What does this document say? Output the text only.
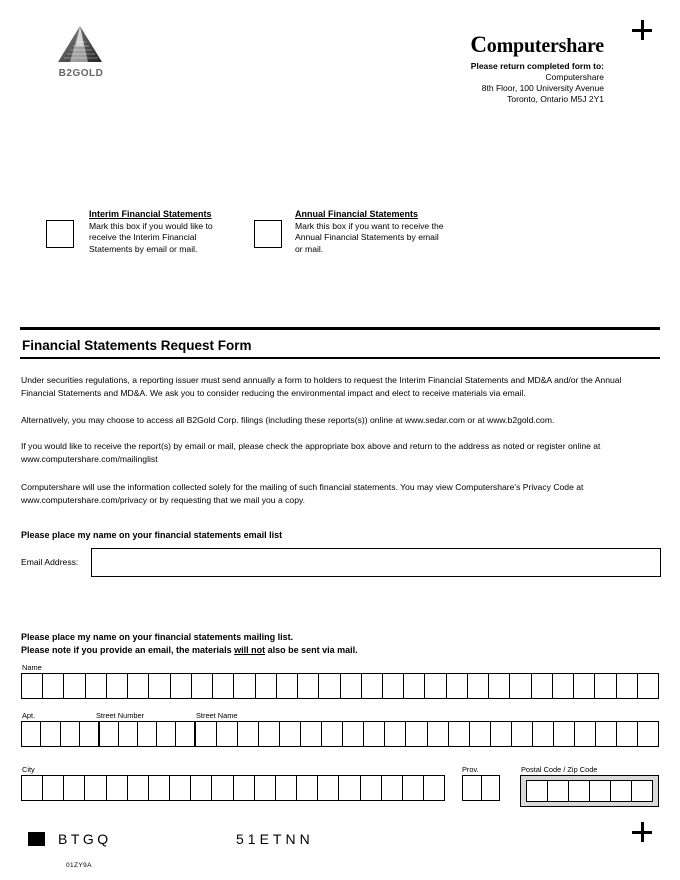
B2GOLD
Computershare
Please return completed form to:
Computershare
8th Floor, 100 University Avenue
Toronto, Ontario M5J 2Y1
Interim Financial Statements
Mark this box if you would like to receive the Interim Financial Statements by email or mail.
Annual Financial Statements
Mark this box if you want to receive the Annual Financial Statements by email or mail.
Financial Statements Request Form
Under securities regulations, a reporting issuer must send annually a form to holders to request the Interim Financial Statements and MD&A and/or the Annual Financial Statements and MD&A. We ask you to consider reducing the environmental impact and elect to receive materials via email.
Alternatively, you may choose to access all B2Gold Corp. filings (including these reports(s)) online at www.sedar.com or at www.b2gold.com.
If you would like to receive the report(s) by email or mail, please check the appropriate box above and return to the address as noted or register online at www.computershare.com/mailinglist
Computershare will use the information collected solely for the mailing of such financial statements. You may view Computershare's Privacy Code at www.computershare.com/privacy or by requesting that we mail you a copy.
Please place my name on your financial statements email list
Email Address:
Please place my name on your financial statements mailing list.
Please note if you provide an email, the materials will not also be sent via mail.
Name
Apt.	Street Number	Street Name
City	Prov.	Postal Code / Zip Code
BTGQ	51ETNN
01ZY9A
